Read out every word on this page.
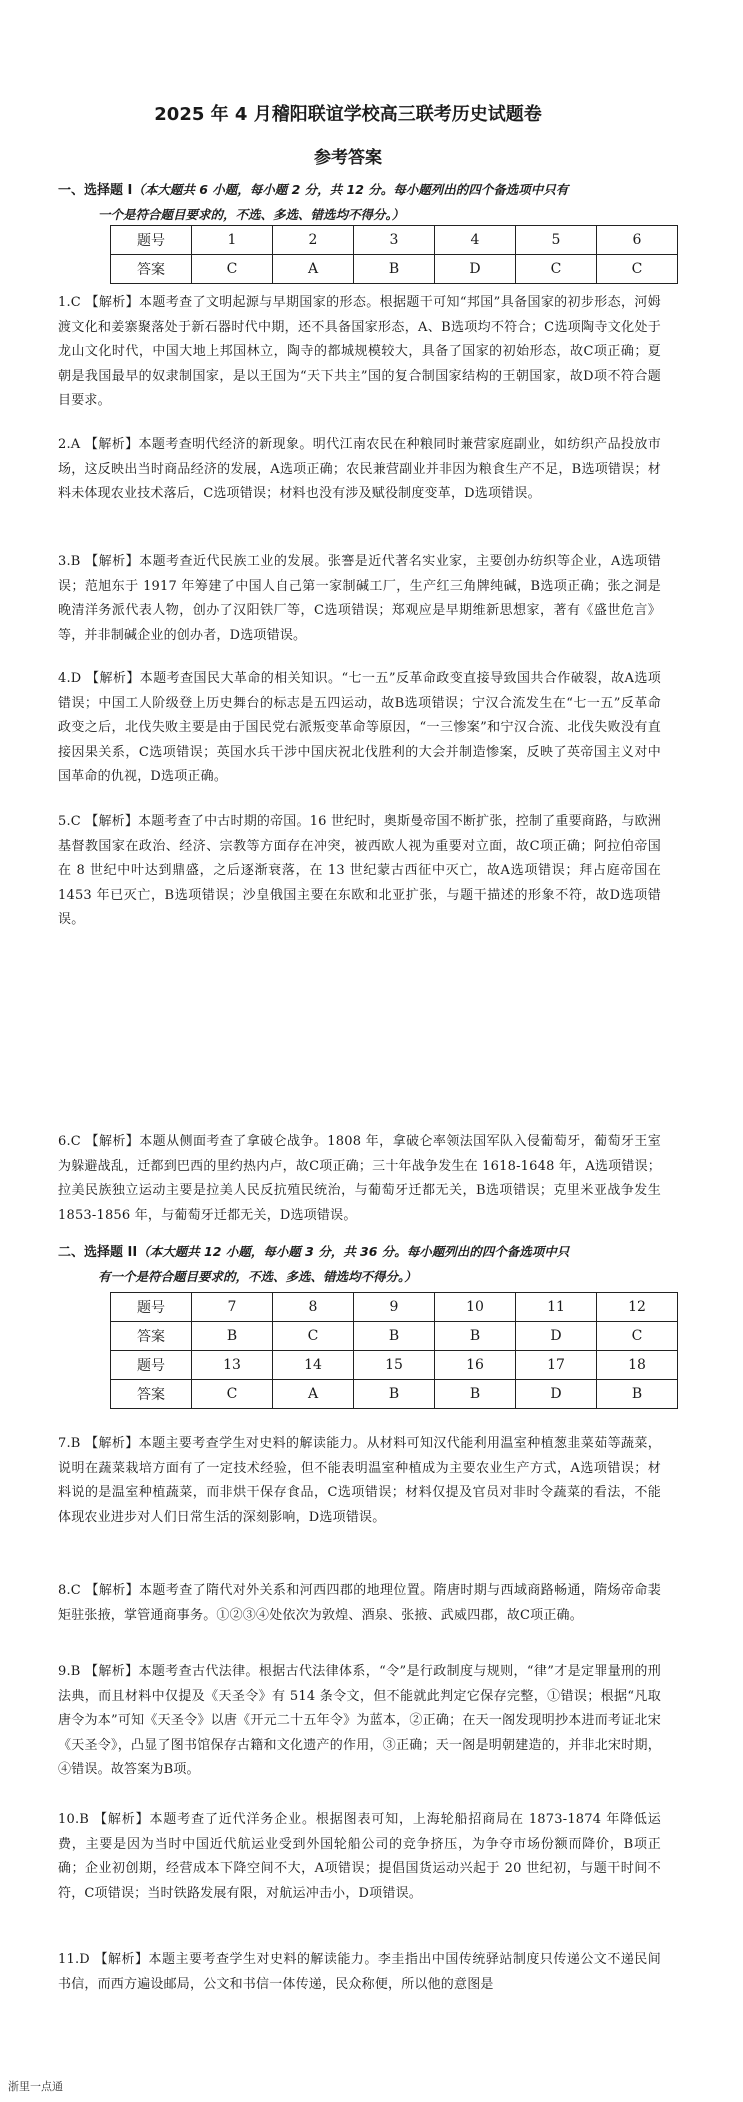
2025 年 4 月稽阳联谊学校高三联考历史试题卷
参考答案
一、选择题 I（本大题共 6 小题，每小题 2 分，共 12 分。每小题列出的四个备选项中只有
一个是符合题目要求的，不选、多选、错选均不得分。）
题号	1	2	3	4	5	6
答案	C	A	B	D	C	C
1.C 【解析】本题考查了文明起源与早期国家的形态。根据题干可知“邦国”具备国家的初步形态，河姆渡文化和姜寨聚落处于新石器时代中期，还不具备国家形态，A、B选项均不符合；C选项陶寺文化处于龙山文化时代，中国大地上邦国林立，陶寺的都城规模较大，具备了国家的初始形态，故C项正确；夏朝是我国最早的奴隶制国家，是以王国为“天下共主”国的复合制国家结构的王朝国家，故D项不符合题目要求。
2.A 【解析】本题考查明代经济的新现象。明代江南农民在种粮同时兼营家庭副业，如纺织产品投放市场，这反映出当时商品经济的发展，A选项正确；农民兼营副业并非因为粮食生产不足，B选项错误；材料未体现农业技术落后，C选项错误；材料也没有涉及赋役制度变革，D选项错误。
3.B 【解析】本题考查近代民族工业的发展。张謇是近代著名实业家，主要创办纺织等企业，A选项错误；范旭东于 1917 年筹建了中国人自己第一家制碱工厂，生产红三角牌纯碱，B选项正确；张之洞是晚清洋务派代表人物，创办了汉阳铁厂等，C选项错误；郑观应是早期维新思想家，著有《盛世危言》等，并非制碱企业的创办者，D选项错误。
4.D 【解析】本题考查国民大革命的相关知识。“七一五”反革命政变直接导致国共合作破裂，故A选项错误；中国工人阶级登上历史舞台的标志是五四运动，故B选项错误；宁汉合流发生在“七一五”反革命政变之后，北伐失败主要是由于国民党右派叛变革命等原因，“一三惨案”和宁汉合流、北伐失败没有直接因果关系，C选项错误；英国水兵干涉中国庆祝北伐胜利的大会并制造惨案，反映了英帝国主义对中国革命的仇视，D选项正确。
5.C 【解析】本题考查了中古时期的帝国。16 世纪时，奥斯曼帝国不断扩张，控制了重要商路，与欧洲基督教国家在政治、经济、宗教等方面存在冲突，被西欧人视为重要对立面，故C项正确；阿拉伯帝国在 8 世纪中叶达到鼎盛，之后逐渐衰落，在 13 世纪蒙古西征中灭亡，故A选项错误；拜占庭帝国在 1453 年已灭亡，B选项错误；沙皇俄国主要在东欧和北亚扩张，与题干描述的形象不符，故D选项错误。
6.C 【解析】本题从侧面考查了拿破仑战争。1808 年，拿破仑率领法国军队入侵葡萄牙，葡萄牙王室为躲避战乱，迁都到巴西的里约热内卢，故C项正确；三十年战争发生在 1618-1648 年，A选项错误；拉美民族独立运动主要是拉美人民反抗殖民统治，与葡萄牙迁都无关，B选项错误；克里米亚战争发生 1853-1856 年，与葡萄牙迁都无关，D选项错误。
二、选择题 II（本大题共 12 小题，每小题 3 分，共 36 分。每小题列出的四个备选项中只
有一个是符合题目要求的，不选、多选、错选均不得分。）
题号	7	8	9	10	11	12
答案	B	C	B	B	D	C
题号	13	14	15	16	17	18
答案	C	A	B	B	D	B
7.B 【解析】本题主要考查学生对史料的解读能力。从材料可知汉代能利用温室种植葱韭菜茹等蔬菜，说明在蔬菜栽培方面有了一定技术经验，但不能表明温室种植成为主要农业生产方式，A选项错误；材料说的是温室种植蔬菜，而非烘干保存食品，C选项错误；材料仅提及官员对非时令蔬菜的看法，不能体现农业进步对人们日常生活的深刻影响，D选项错误。
8.C 【解析】本题考查了隋代对外关系和河西四郡的地理位置。隋唐时期与西域商路畅通，隋炀帝命裴矩驻张掖，掌管通商事务。①②③④处依次为敦煌、酒泉、张掖、武威四郡，故C项正确。
9.B 【解析】本题考查古代法律。根据古代法律体系，“令”是行政制度与规则，“律”才是定罪量刑的刑法典，而且材料中仅提及《天圣令》有 514 条令文，但不能就此判定它保存完整，①错误；根据“凡取唐令为本”可知《天圣令》以唐《开元二十五年令》为蓝本，②正确；在天一阁发现明抄本进而考证北宋《天圣令》，凸显了图书馆保存古籍和文化遗产的作用，③正确；天一阁是明朝建造的，并非北宋时期，④错误。故答案为B项。
10.B 【解析】本题考查了近代洋务企业。根据图表可知，上海轮船招商局在 1873-1874 年降低运费，主要是因为当时中国近代航运业受到外国轮船公司的竞争挤压，为争夺市场份额而降价，B项正确；企业初创期，经营成本下降空间不大，A项错误；提倡国货运动兴起于 20 世纪初，与题干时间不符，C项错误；当时铁路发展有限，对航运冲击小，D项错误。
11.D 【解析】本题主要考查学生对史料的解读能力。李圭指出中国传统驿站制度只传递公文不递民间书信，而西方遍设邮局，公文和书信一体传递，民众称便，所以他的意图是
浙里一点通
